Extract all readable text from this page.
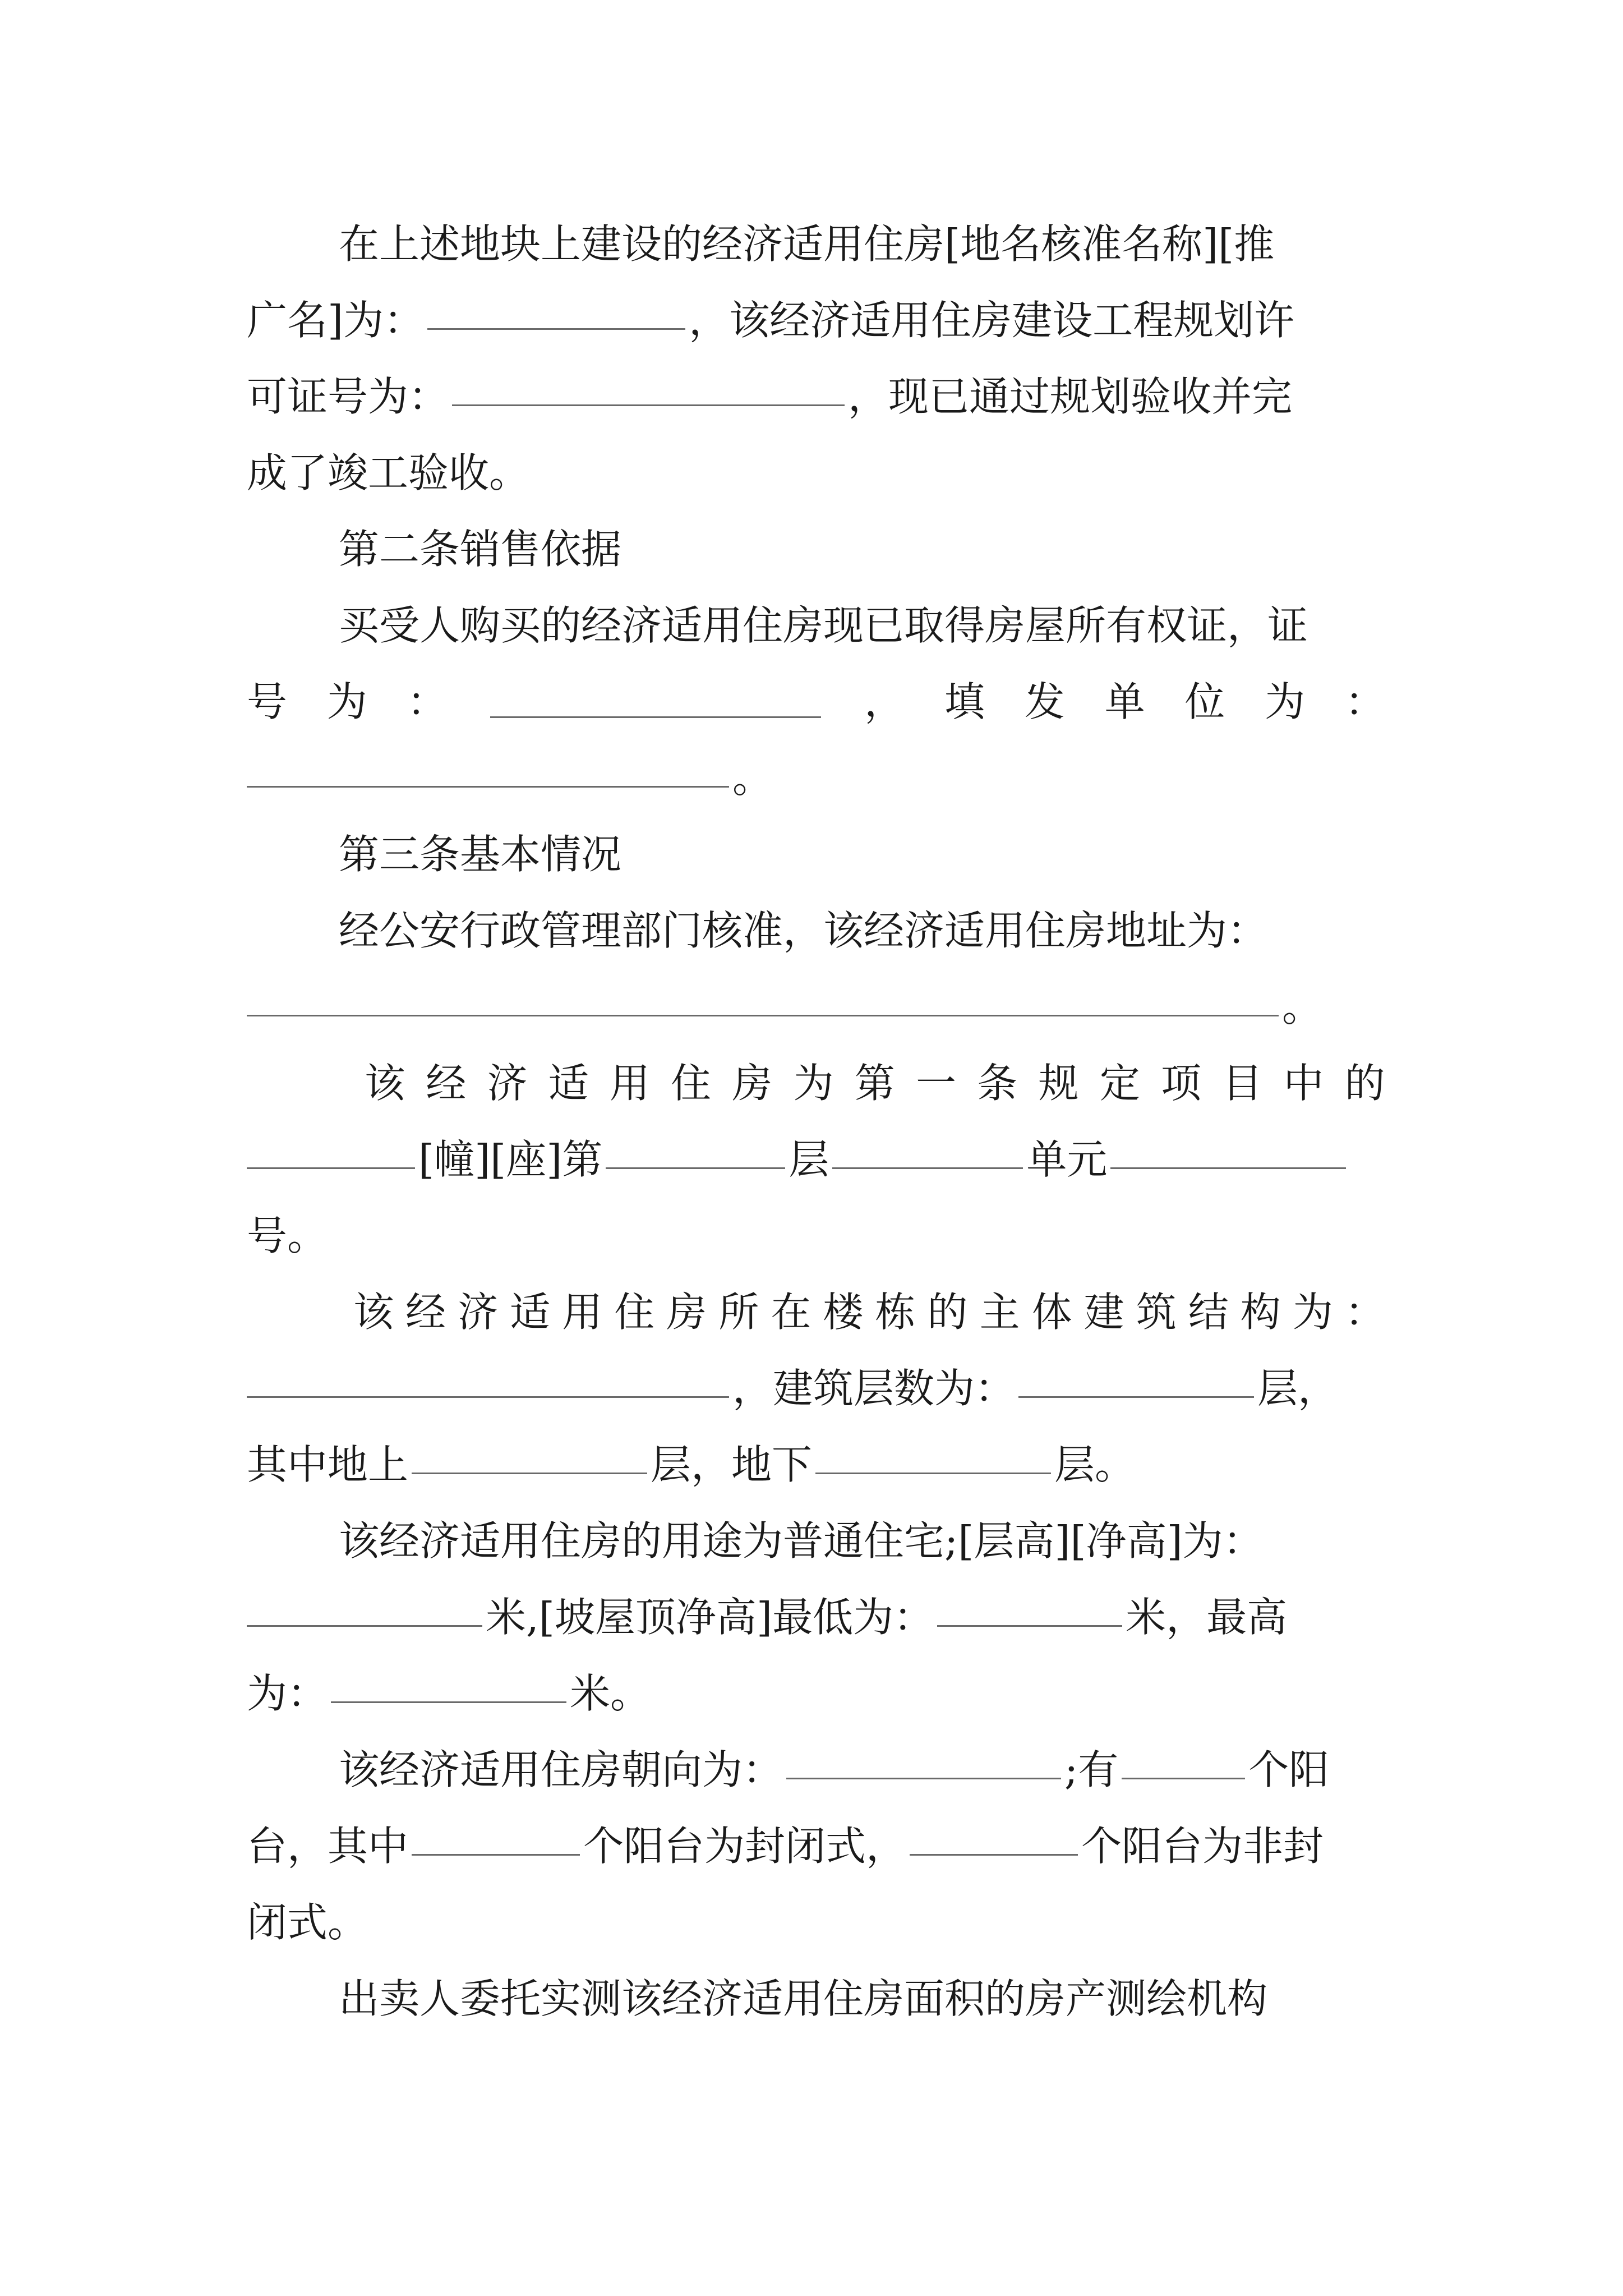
在上述地块上建设的经济适用住房[地名核准名称][推
广名]为：	，该经济适用住房建设工程规划许
可证号为：	，现已通过规划验收并完
成了竣工验收。
第二条销售依据
买受人购买的经济适用住房现已取得房屋所有权证，证
号 为 ：	， 填 发 单 位 为 ：
。
第三条基本情况
经公安行政管理部门核准，该经济适用住房地址为：
。
该 经 济 适 用 住 房 为 第 一 条 规 定 项 目 中 的
[幢][座]第	层	单元
号。
该 经 济 适 用 住 房 所 在 楼 栋 的 主 体 建 筑 结 构 为 ：
，建筑层数为：	层，
其中地上	层，地下	层。
该经济适用住房的用途为普通住宅;[层高][净高]为：
米,[坡屋顶净高]最低为：	米，最高
为：	米。
该经济适用住房朝向为：	;有	个阳
台，其中	个阳台为封闭式，	个阳台为非封
闭式。
出卖人委托实测该经济适用住房面积的房产测绘机构
